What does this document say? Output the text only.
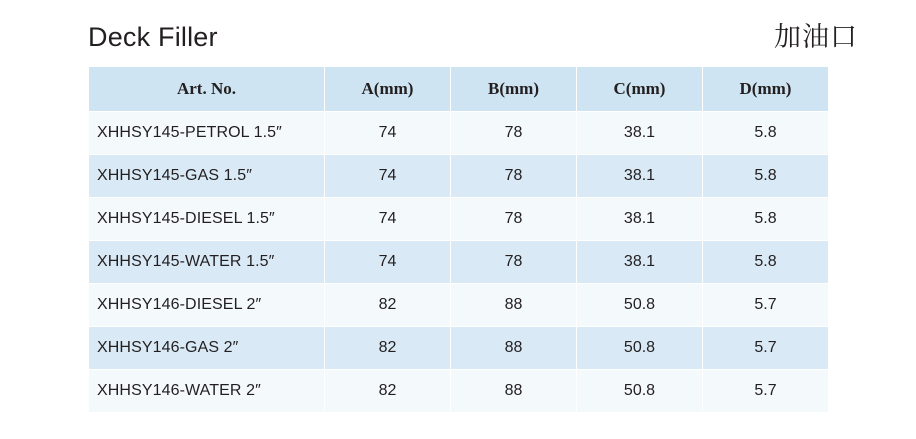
Deck Filler	加油口
Art. No.	A(mm)	B(mm)	C(mm)	D(mm)
XHHSY145-PETROL 1.5″	74	78	38.1	5.8
XHHSY145-GAS 1.5″	74	78	38.1	5.8
XHHSY145-DIESEL 1.5″	74	78	38.1	5.8
XHHSY145-WATER 1.5″	74	78	38.1	5.8
XHHSY146-DIESEL 2″	82	88	50.8	5.7
XHHSY146-GAS 2″	82	88	50.8	5.7
XHHSY146-WATER 2″	82	88	50.8	5.7
